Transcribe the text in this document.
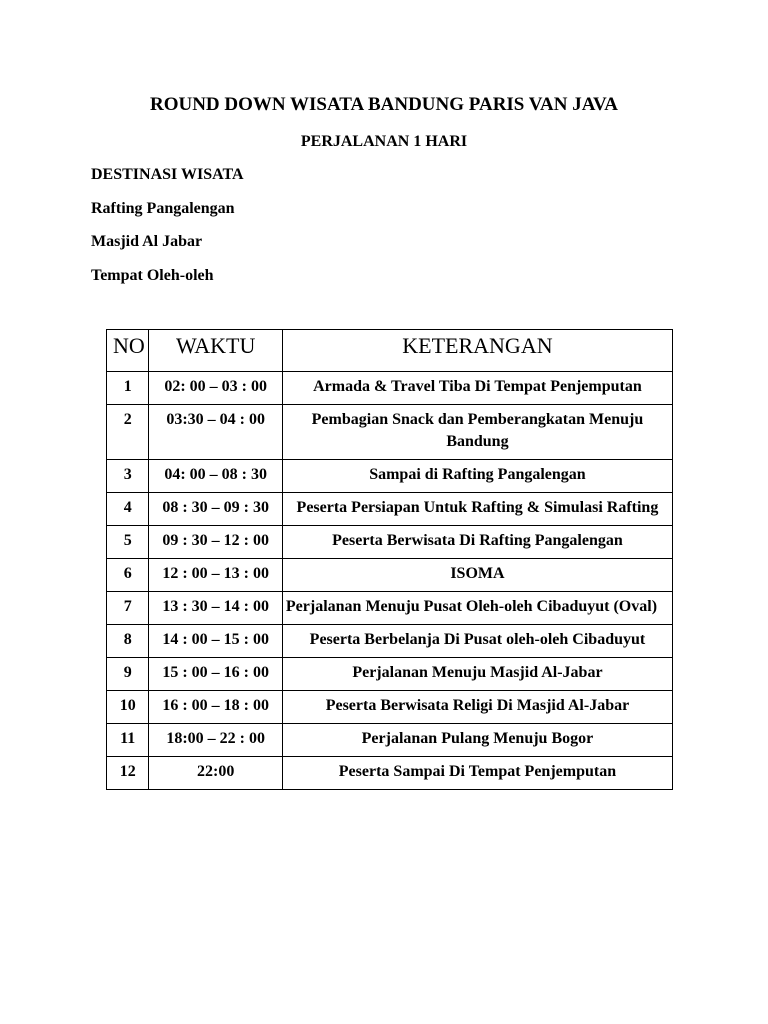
ROUND DOWN WISATA BANDUNG PARIS VAN JAVA
PERJALANAN 1 HARI
DESTINASI WISATA
Rafting Pangalengan
Masjid Al Jabar
Tempat Oleh-oleh
NO	WAKTU	KETERANGAN
1	02: 00 – 03 : 00	Armada & Travel Tiba Di Tempat Penjemputan
2	03:30 – 04 : 00	Pembagian Snack dan Pemberangkatan Menuju Bandung
3	04: 00 – 08 : 30	Sampai di Rafting Pangalengan
4	08 : 30 – 09 : 30	Peserta Persiapan Untuk Rafting & Simulasi Rafting
5	09 : 30 – 12 : 00	Peserta Berwisata Di Rafting Pangalengan
6	12 : 00 – 13 : 00	ISOMA
7	13 : 30 – 14 : 00	Perjalanan Menuju Pusat Oleh-oleh Cibaduyut (Oval)
8	14 : 00 – 15 : 00	Peserta Berbelanja Di Pusat oleh-oleh Cibaduyut
9	15 : 00 – 16 : 00	Perjalanan Menuju Masjid Al-Jabar
10	16 : 00 – 18 : 00	Peserta Berwisata Religi Di Masjid Al-Jabar
11	18:00 – 22 : 00	Perjalanan Pulang Menuju Bogor
12	22:00	Peserta Sampai Di Tempat Penjemputan
